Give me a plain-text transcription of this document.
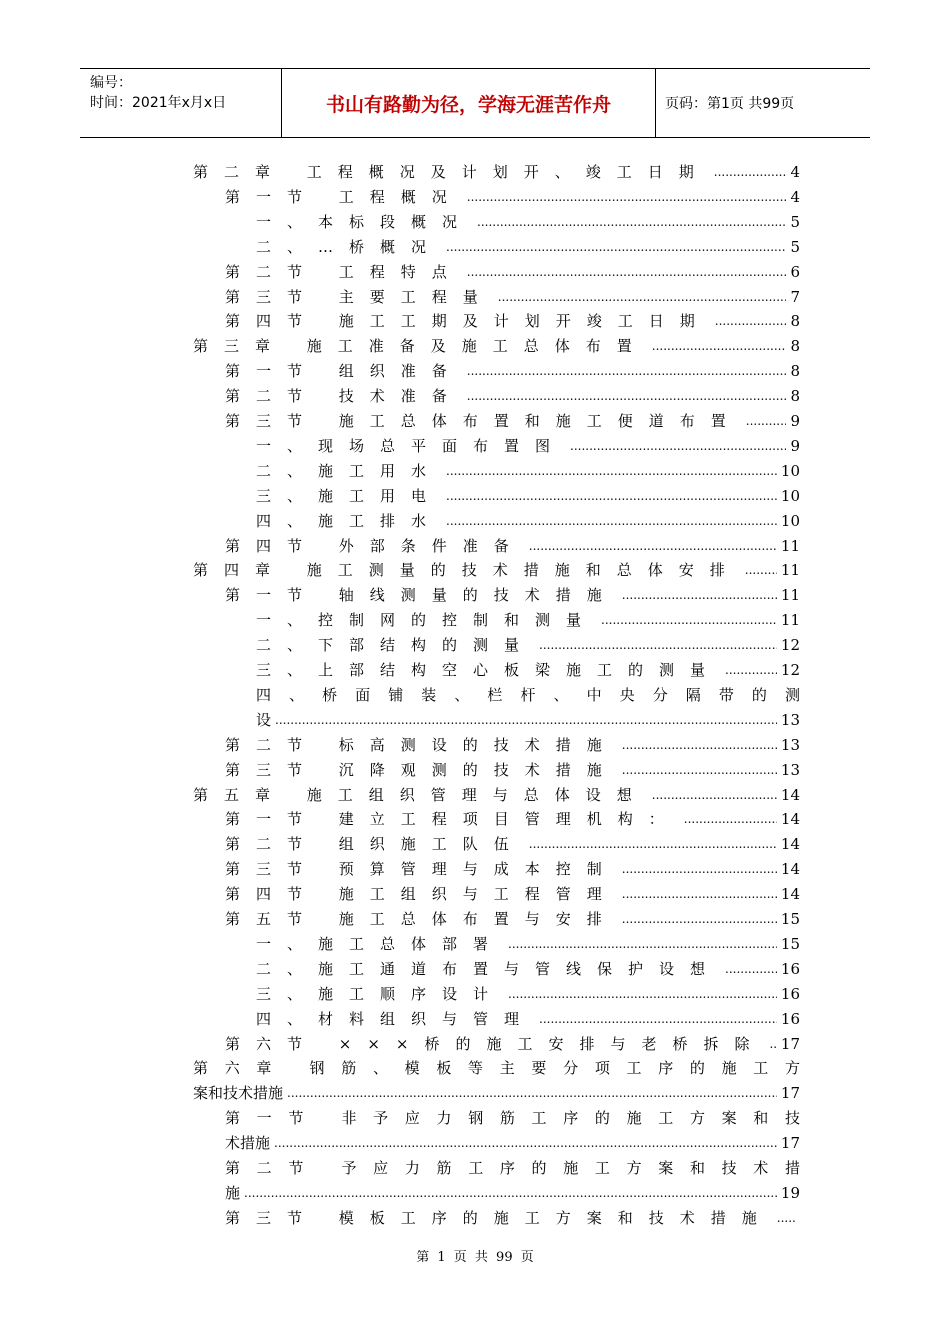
编号：
时间：2021年x月x日	书山有路勤为径，学海无涯苦作舟	页码：第1页 共99页
第二章 工程概况及计划开、竣工日期 .....	4
第一节 工程概况 .....	4
一、本标段概况 .....	5
二、…桥概况 .....	5
第二节 工程特点 .....	6
第三节 主要工程量 .....	7
第四节 施工工期及计划开竣工日期 .....	8
第三章 施工准备及施工总体布置 .....	8
第一节 组织准备 .....	8
第二节 技术准备 .....	8
第三节 施工总体布置和施工便道布置 .....	9
一、现场总平面布置图 .....	9
二、施工用水 .....	10
三、施工用电 .....	10
四、施工排水 .....	10
第四节 外部条件准备 .....	11
第四章 施工测量的技术措施和总体安排 .....	11
第一节 轴线测量的技术措施 .....	11
一、控制网的控制和测量 .....	11
二、下部结构的测量 .....	12
三、上部结构空心板梁施工的测量 .....	12
四、桥面铺装、栏杆、中央分隔带的测
设 .....	13
第二节 标高测设的技术措施 .....	13
第三节 沉降观测的技术措施 .....	13
第五章 施工组织管理与总体设想 .....	14
第一节 建立工程项目管理机构： .....	14
第二节 组织施工队伍 .....	14
第三节 预算管理与成本控制 .....	14
第四节 施工组织与工程管理 .....	14
第五节 施工总体布置与安排 .....	15
一、施工总体部署 .....	15
二、施工通道布置与管线保护设想 .....	16
三、施工顺序设计 .....	16
四、材料组织与管理 .....	16
第六节 ×××桥的施工安排与老桥拆除 ..... 17
第六章 钢筋、模板等主要分项工序的施工方
案和技术措施 .....	17
第一节 非予应力钢筋工序的施工方案和技
术措施 .....	17
第二节 予应力筋工序的施工方案和技术措
施 .....	19
第三节 模板工序的施工方案和技术措施
.....
第 1 页 共 99 页
